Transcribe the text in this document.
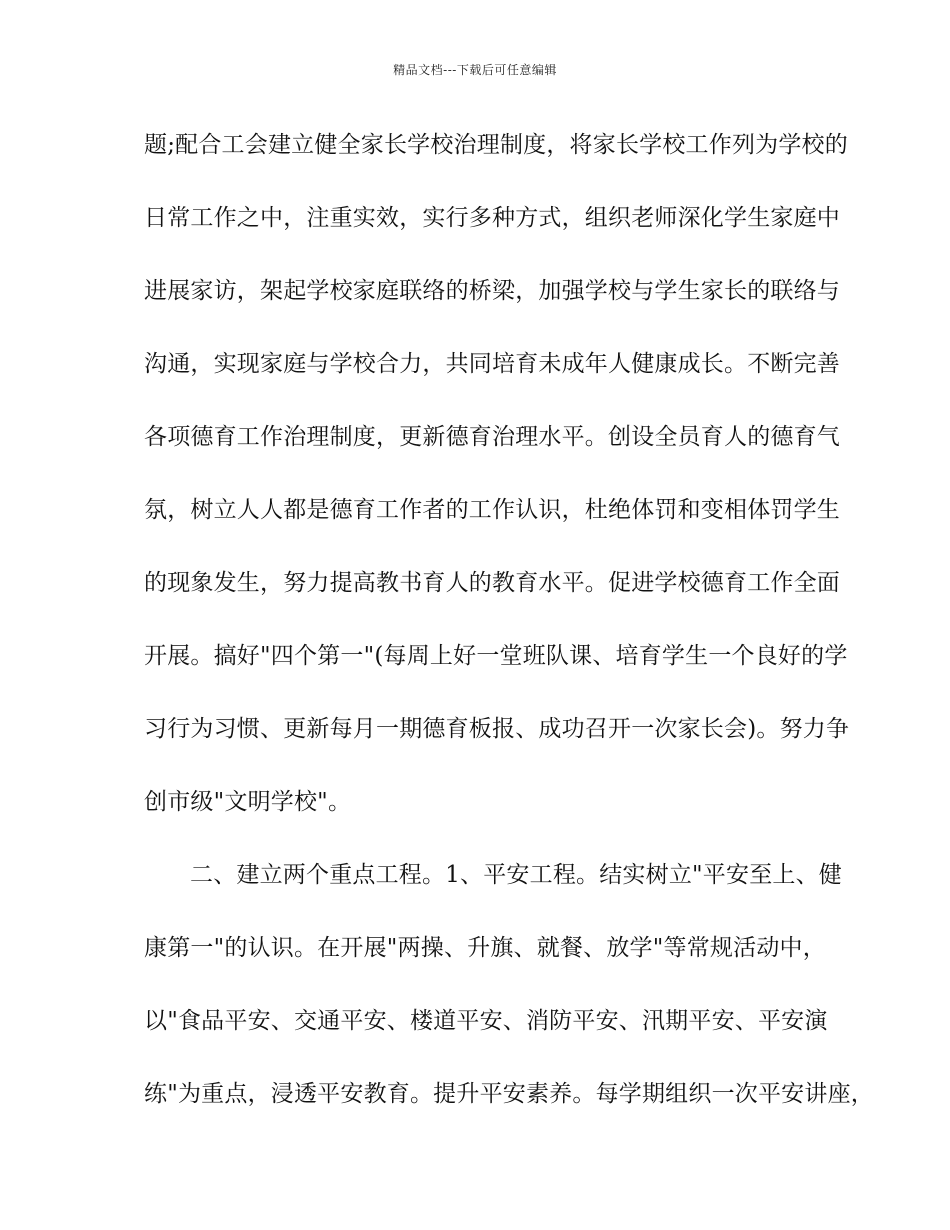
精品文档---下载后可任意编辑
题;配合工会建立健全家长学校治理制度，将家长学校工作列为学校的
日常工作之中，注重实效，实行多种方式，组织老师深化学生家庭中
进展家访，架起学校家庭联络的桥梁，加强学校与学生家长的联络与
沟通，实现家庭与学校合力，共同培育未成年人健康成长。不断完善
各项德育工作治理制度，更新德育治理水平。创设全员育人的德育气
氛，树立人人都是德育工作者的工作认识，杜绝体罚和变相体罚学生
的现象发生，努力提高教书育人的教育水平。促进学校德育工作全面
开展。搞好"四个第一"(每周上好一堂班队课、培育学生一个良好的学
习行为习惯、更新每月一期德育板报、成功召开一次家长会)。努力争
创市级"文明学校"。
二、建立两个重点工程。1、平安工程。结实树立"平安至上、健
康第一"的认识。在开展"两操、升旗、就餐、放学"等常规活动中，
以"食品平安、交通平安、楼道平安、消防平安、汛期平安、平安演
练"为重点，浸透平安教育。提升平安素养。每学期组织一次平安讲座，
